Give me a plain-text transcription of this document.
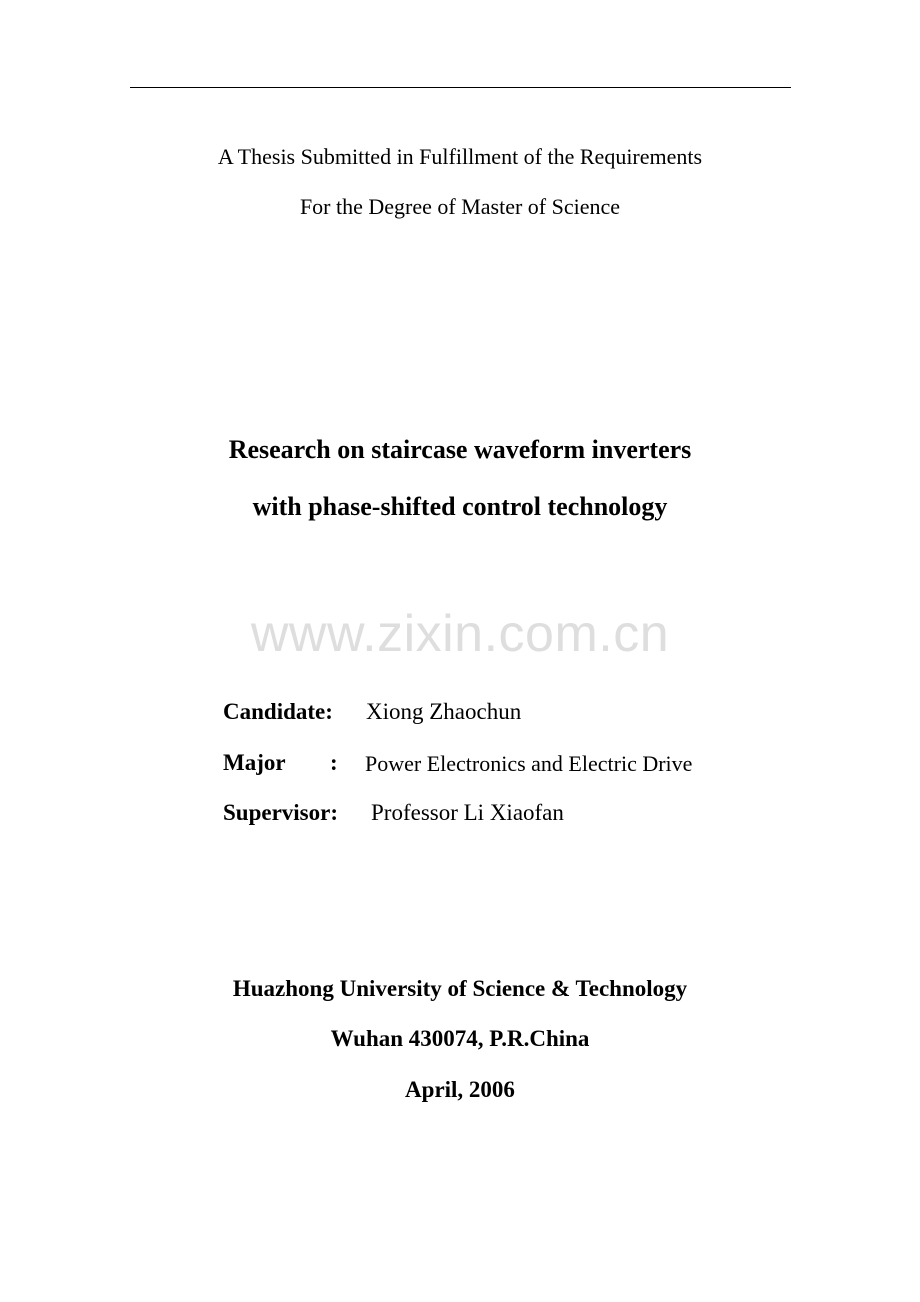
A Thesis Submitted in Fulfillment of the Requirements
For the Degree of Master of Science
Research on staircase waveform inverters
with phase-shifted control technology
www.zixin.com.cn
Candidate: Xiong Zhaochun
Major : Power Electronics and Electric Drive
Supervisor: Professor Li Xiaofan
Huazhong University of Science & Technology
Wuhan 430074, P.R.China
April, 2006
